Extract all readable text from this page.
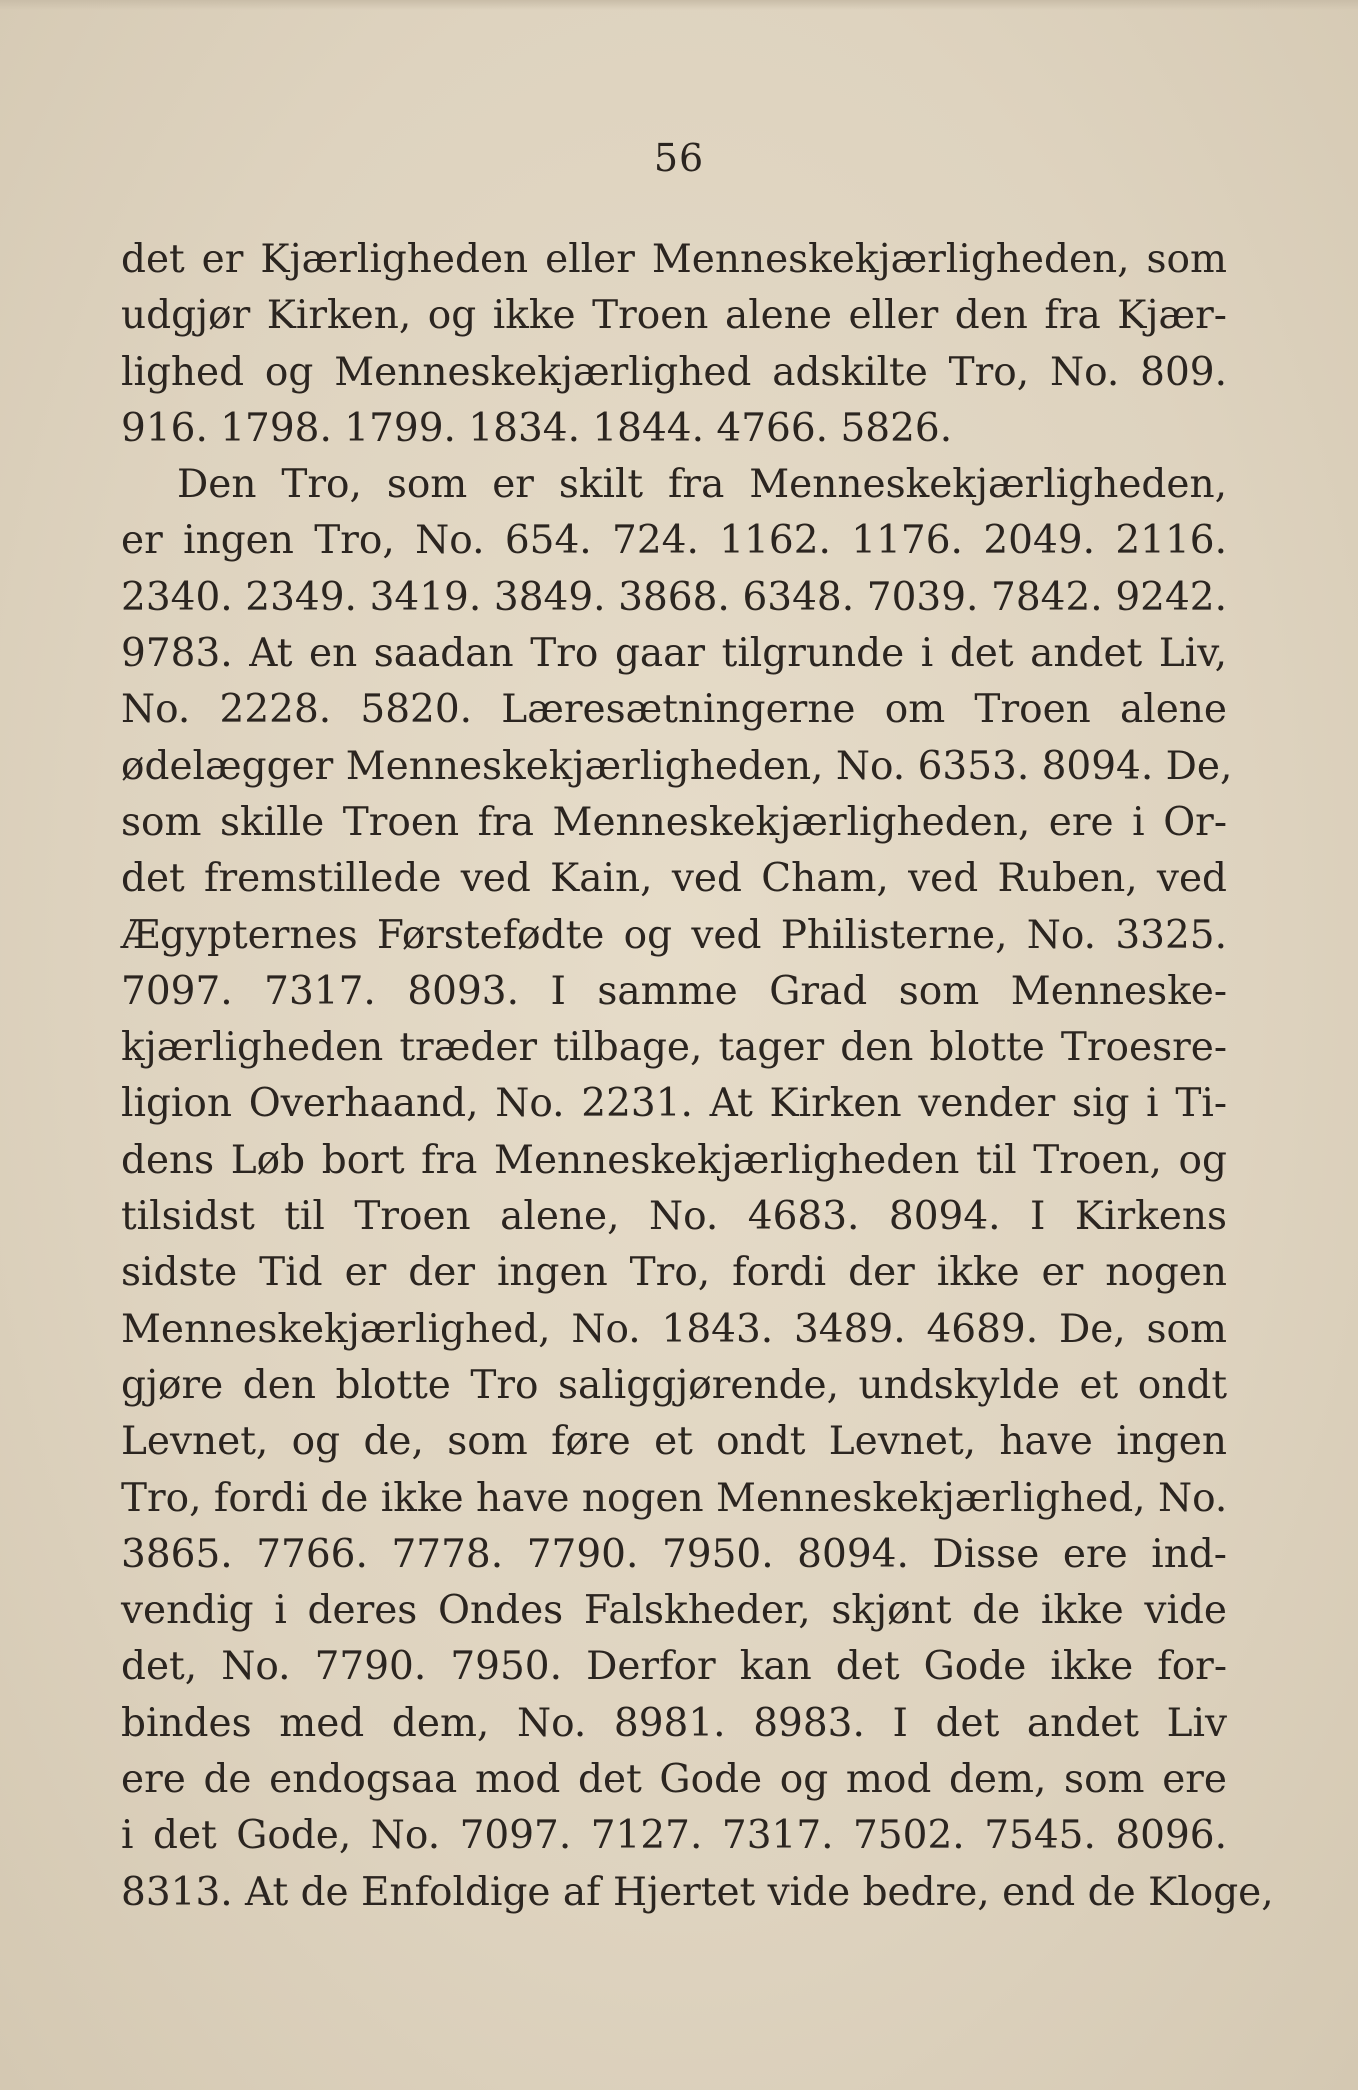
56
det er Kjærligheden eller Menneskekjærligheden, som
udgjør Kirken, og ikke Troen alene eller den fra Kjær-
lighed og Menneskekjærlighed adskilte Tro, No. 809.
916. 1798. 1799. 1834. 1844. 4766. 5826.
Den Tro, som er skilt fra Menneskekjærligheden,
er ingen Tro, No. 654. 724. 1162. 1176. 2049. 2116.
2340. 2349. 3419. 3849. 3868. 6348. 7039. 7842. 9242.
9783. At en saadan Tro gaar tilgrunde i det andet Liv,
No. 2228. 5820. Læresætningerne om Troen alene
ødelægger Menneskekjærligheden, No. 6353. 8094. De,
som skille Troen fra Menneskekjærligheden, ere i Or-
det fremstillede ved Kain, ved Cham, ved Ruben, ved
Ægypternes Førstefødte og ved Philisterne, No. 3325.
7097. 7317. 8093. I samme Grad som Menneske-
kjærligheden træder tilbage, tager den blotte Troesre-
ligion Overhaand, No. 2231. At Kirken vender sig i Ti-
dens Løb bort fra Menneskekjærligheden til Troen, og
tilsidst til Troen alene, No. 4683. 8094. I Kirkens
sidste Tid er der ingen Tro, fordi der ikke er nogen
Menneskekjærlighed, No. 1843. 3489. 4689. De, som
gjøre den blotte Tro saliggjørende, undskylde et ondt
Levnet, og de, som føre et ondt Levnet, have ingen
Tro, fordi de ikke have nogen Menneskekjærlighed, No.
3865. 7766. 7778. 7790. 7950. 8094. Disse ere ind-
vendig i deres Ondes Falskheder, skjønt de ikke vide
det, No. 7790. 7950. Derfor kan det Gode ikke for-
bindes med dem, No. 8981. 8983. I det andet Liv
ere de endogsaa mod det Gode og mod dem, som ere
i det Gode, No. 7097. 7127. 7317. 7502. 7545. 8096.
8313. At de Enfoldige af Hjertet vide bedre, end de Kloge,
